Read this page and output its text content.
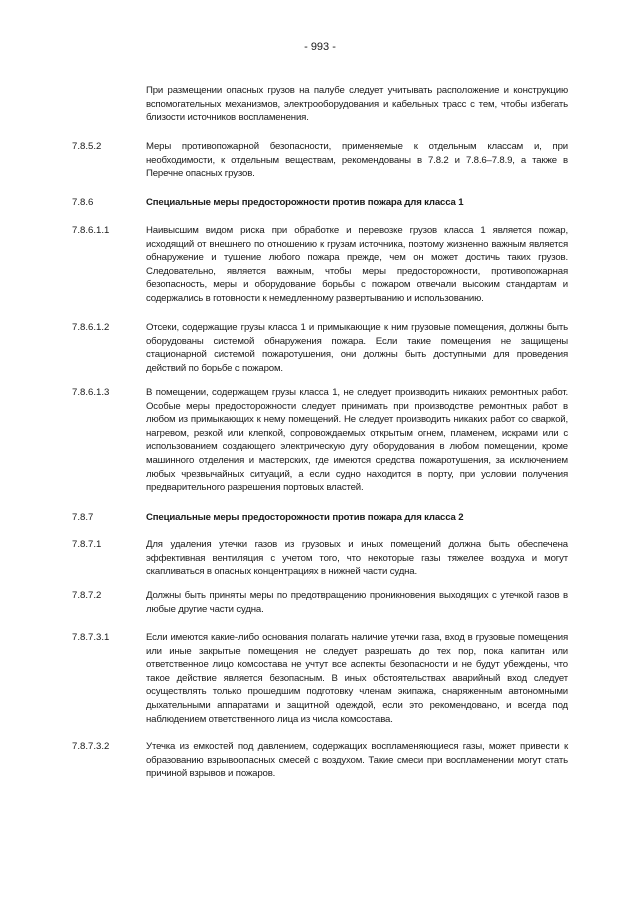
- 993 -
При размещении опасных грузов на палубе следует учитывать расположение и конструкцию вспомогательных механизмов, электрооборудования и кабельных трасс с тем, чтобы избегать близости источников воспламенения.
7.8.5.2	Меры противопожарной безопасности, применяемые к отдельным классам и, при необходимости, к отдельным веществам, рекомендованы в 7.8.2 и 7.8.6–7.8.9, а также в Перечне опасных грузов.
7.8.6	Специальные меры предосторожности против пожара для класса 1
7.8.6.1.1	Наивысшим видом риска при обработке и перевозке грузов класса 1 является пожар, исходящий от внешнего по отношению к грузам источника, поэтому жизненно важным является обнаружение и тушение любого пожара прежде, чем он может достичь таких грузов. Следовательно, является важным, чтобы меры предосторожности, противопожарная безопасность, меры и оборудование борьбы с пожаром отвечали высоким стандартам и содержались в готовности к немедленному развертыванию и использованию.
7.8.6.1.2	Отсеки, содержащие грузы класса 1 и примыкающие к ним грузовые помещения, должны быть оборудованы системой обнаружения пожара. Если такие помещения не защищены стационарной системой пожаротушения, они должны быть доступными для проведения действий по борьбе с пожаром.
7.8.6.1.3	В помещении, содержащем грузы класса 1, не следует производить никаких ремонтных работ. Особые меры предосторожности следует принимать при производстве ремонтных работ в любом из примыкающих к нему помещений. Не следует производить никаких работ со сваркой, нагревом, резкой или клепкой, сопровождаемых открытым огнем, пламенем, искрами или с использованием создающего электрическую дугу оборудования в любом помещении, кроме машинного отделения и мастерских, где имеются средства пожаротушения, за исключением любых чрезвычайных ситуаций, а если судно находится в порту, при условии получения предварительного разрешения портовых властей.
7.8.7	Специальные меры предосторожности против пожара для класса 2
7.8.7.1	Для удаления утечки газов из грузовых и иных помещений должна быть обеспечена эффективная вентиляция с учетом того, что некоторые газы тяжелее воздуха и могут скапливаться в опасных концентрациях в нижней части судна.
7.8.7.2	Должны быть приняты меры по предотвращению проникновения выходящих с утечкой газов в любые другие части судна.
7.8.7.3.1	Если имеются какие-либо основания полагать наличие утечки газа, вход в грузовые помещения или иные закрытые помещения не следует разрешать до тех пор, пока капитан или ответственное лицо комсостава не учтут все аспекты безопасности и не будут убеждены, что такое действие является безопасным. В иных обстоятельствах аварийный вход следует осуществлять только прошедшим подготовку членам экипажа, снаряженным автономными дыхательными аппаратами и защитной одеждой, если это рекомендовано, и всегда под наблюдением ответственного лица из числа комсостава.
7.8.7.3.2	Утечка из емкостей под давлением, содержащих воспламеняющиеся газы, может привести к образованию взрывоопасных смесей с воздухом. Такие смеси при воспламенении могут стать причиной взрывов и пожаров.
